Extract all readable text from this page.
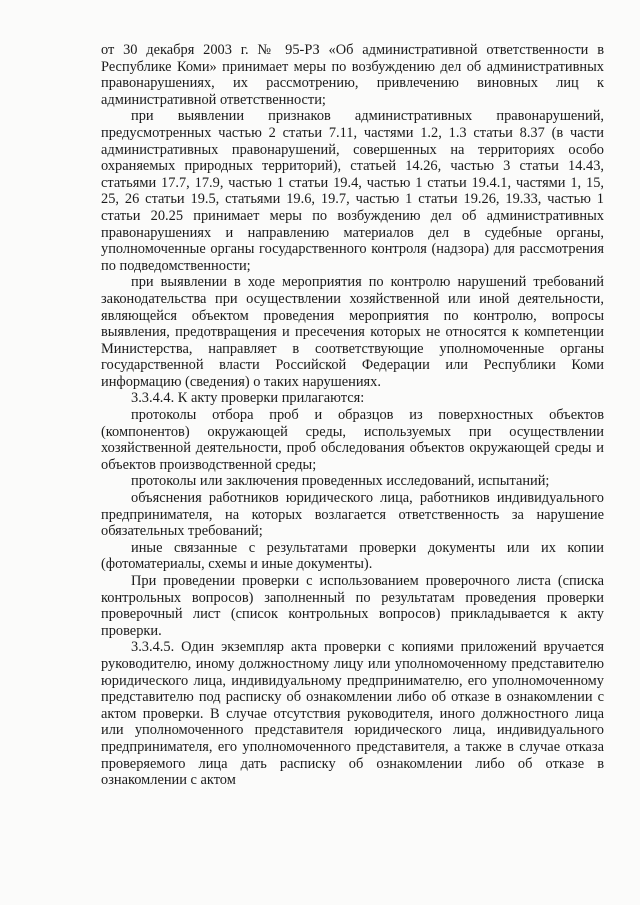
от 30 декабря 2003 г. № 95-РЗ «Об административной ответственности в Республике Коми» принимает меры по возбуждению дел об административных правонарушениях, их рассмотрению, привлечению виновных лиц к административной ответственности;

при выявлении признаков административных правонарушений, предусмотренных частью 2 статьи 7.11, частями 1.2, 1.3 статьи 8.37 (в части административных правонарушений, совершенных на территориях особо охраняемых природных территорий), статьей 14.26, частью 3 статьи 14.43, статьями 17.7, 17.9, частью 1 статьи 19.4, частью 1 статьи 19.4.1, частями 1, 15, 25, 26 статьи 19.5, статьями 19.6, 19.7, частью 1 статьи 19.26, 19.33, частью 1 статьи 20.25 принимает меры по возбуждению дел об административных правонарушениях и направлению материалов дел в судебные органы, уполномоченные органы государственного контроля (надзора) для рассмотрения по подведомственности;

при выявлении в ходе мероприятия по контролю нарушений требований законодательства при осуществлении хозяйственной или иной деятельности, являющейся объектом проведения мероприятия по контролю, вопросы выявления, предотвращения и пресечения которых не относятся к компетенции Министерства, направляет в соответствующие уполномоченные органы государственной власти Российской Федерации или Республики Коми информацию (сведения) о таких нарушениях.

3.3.4.4. К акту проверки прилагаются:

протоколы отбора проб и образцов из поверхностных объектов (компонентов) окружающей среды, используемых при осуществлении хозяйственной деятельности, проб обследования объектов окружающей среды и объектов производственной среды;

протоколы или заключения проведенных исследований, испытаний;

объяснения работников юридического лица, работников индивидуального предпринимателя, на которых возлагается ответственность за нарушение обязательных требований;

иные связанные с результатами проверки документы или их копии (фотоматериалы, схемы и иные документы).

При проведении проверки с использованием проверочного листа (списка контрольных вопросов) заполненный по результатам проведения проверки проверочный лист (список контрольных вопросов) прикладывается к акту проверки.

3.3.4.5. Один экземпляр акта проверки с копиями приложений вручается руководителю, иному должностному лицу или уполномоченному представителю юридического лица, индивидуальному предпринимателю, его уполномоченному представителю под расписку об ознакомлении либо об отказе в ознакомлении с актом проверки. В случае отсутствия руководителя, иного должностного лица или уполномоченного представителя юридического лица, индивидуального предпринимателя, его уполномоченного представителя, а также в случае отказа проверяемого лица дать расписку об ознакомлении либо об отказе в ознакомлении с актом
